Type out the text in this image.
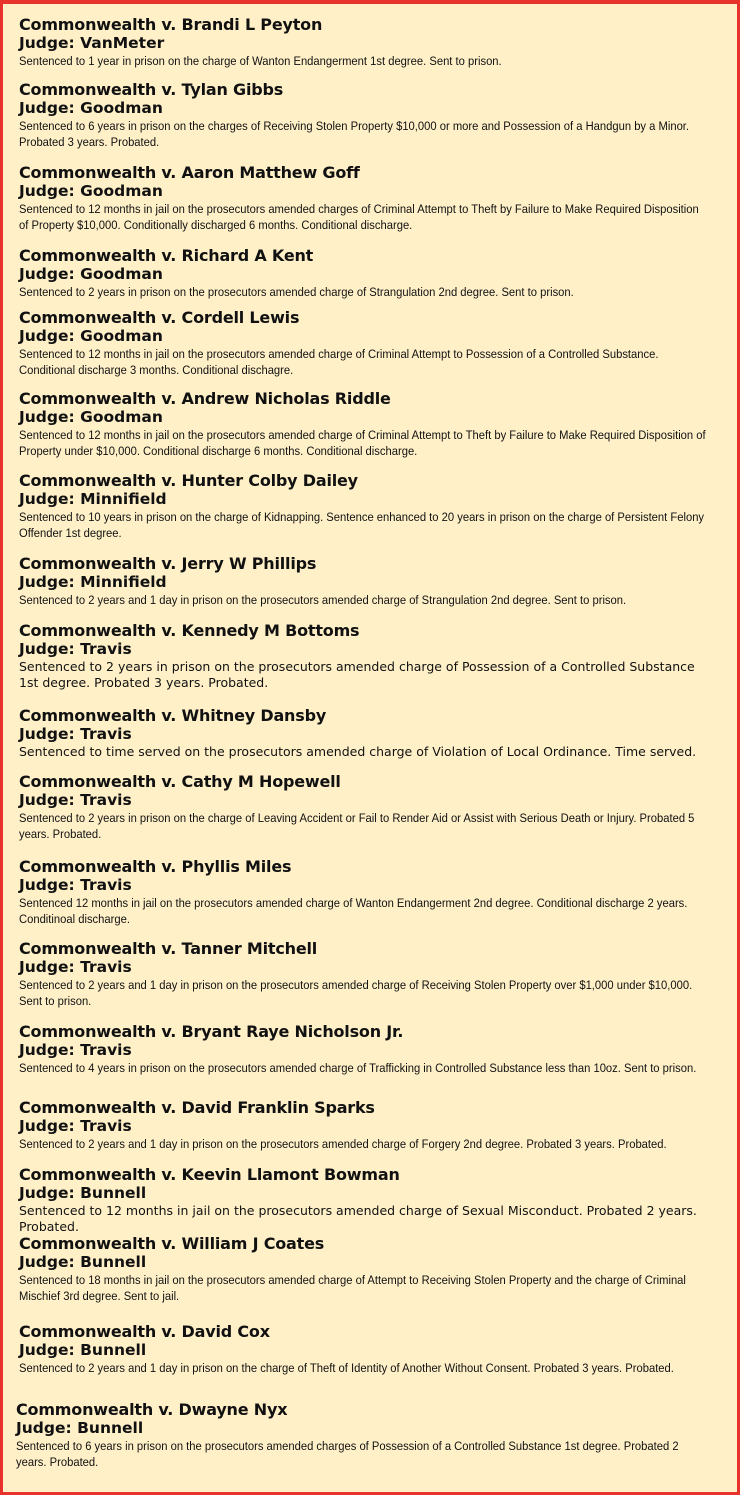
Commonwealth v. Brandi L Peyton

Judge: VanMeter

Sentenced to 1 year in prison on the charge of Wanton Endangerment 1st degree. Sent to prison.

Commonwealth v. Tylan Gibbs

Judge: Goodman

Sentenced to 6 years in prison on the charges of Receiving Stolen Property $10,000 or more and Possession of a Handgun by a Minor. Probated 3 years. Probated.

Commonwealth v. Aaron Matthew Goff

Judge: Goodman

Sentenced to 12 months in jail on the prosecutors amended charges of Criminal Attempt to Theft by Failure to Make Required Disposition of Property $10,000. Conditionally discharged 6 months. Conditional discharge.

Commonwealth v. Richard A Kent

Judge: Goodman

Sentenced to 2 years in prison on the prosecutors amended charge of Strangulation 2nd degree. Sent to prison.

Commonwealth v. Cordell Lewis

Judge: Goodman

Sentenced to 12 months in jail on the prosecutors amended charge of Criminal Attempt to Possession of a Controlled Substance. Conditional discharge 3 months. Conditional dischagre.

Commonwealth v. Andrew Nicholas Riddle

Judge: Goodman

Sentenced to 12 months in jail on the prosecutors amended charge of Criminal Attempt to Theft by Failure to Make Required Disposition of Property under $10,000. Conditional discharge 6 months. Conditional discharge.

Commonwealth v. Hunter Colby Dailey

Judge: Minnifield

Sentenced to 10 years in prison on the charge of Kidnapping. Sentence enhanced to 20 years in prison on the charge of Persistent Felony Offender 1st degree.

Commonwealth v. Jerry W Phillips

Judge: Minnifield

Sentenced to 2 years and 1 day in prison on the prosecutors amended charge of Strangulation 2nd degree. Sent to prison.

Commonwealth v. Kennedy M Bottoms

Judge: Travis

Sentenced to 2 years in prison on the prosecutors amended charge of Possession of a Controlled Substance 1st degree. Probated 3 years. Probated.

Commonwealth v. Whitney Dansby

Judge: Travis

Sentenced to time served on the prosecutors amended charge of Violation of Local Ordinance. Time served.

Commonwealth v. Cathy M Hopewell

Judge: Travis

Sentenced to 2 years in prison on the charge of Leaving Accident or Fail to Render Aid or Assist with Serious Death or Injury. Probated 5 years. Probated.

Commonwealth v. Phyllis Miles

Judge: Travis

Sentenced 12 months in jail on the prosecutors amended charge of Wanton Endangerment 2nd degree. Conditional discharge 2 years. Conditinoal discharge.

Commonwealth v. Tanner Mitchell

Judge: Travis

Sentenced to 2 years and 1 day in prison on the prosecutors amended charge of Receiving Stolen Property over $1,000 under $10,000. Sent to prison.

Commonwealth v. Bryant Raye Nicholson Jr.

Judge: Travis

Sentenced to 4 years in prison on the prosecutors amended charge of Trafficking in Controlled Substance less than 10oz. Sent to prison.

Commonwealth v. David Franklin Sparks

Judge: Travis

Sentenced to 2 years and 1 day in prison on the prosecutors amended charge of Forgery 2nd degree. Probated 3 years. Probated.

Commonwealth v. Keevin Llamont Bowman

Judge: Bunnell

Sentenced to 12 months in jail on the prosecutors amended charge of Sexual Misconduct. Probated 2 years. Probated.

Commonwealth v. William J Coates

Judge: Bunnell

Sentenced to 18 months in jail on the prosecutors amended charge of Attempt to Receiving Stolen Property and the charge of Criminal Mischief 3rd degree. Sent to jail.

Commonwealth v. David Cox

Judge: Bunnell

Sentenced to 2 years and 1 day in prison on the charge of Theft of Identity of Another Without Consent. Probated 3 years. Probated.

Commonwealth v. Dwayne Nyx

Judge: Bunnell

Sentenced to 6 years in prison on the prosecutors amended charges of Possession of a Controlled Substance 1st degree. Probated 2 years. Probated.
